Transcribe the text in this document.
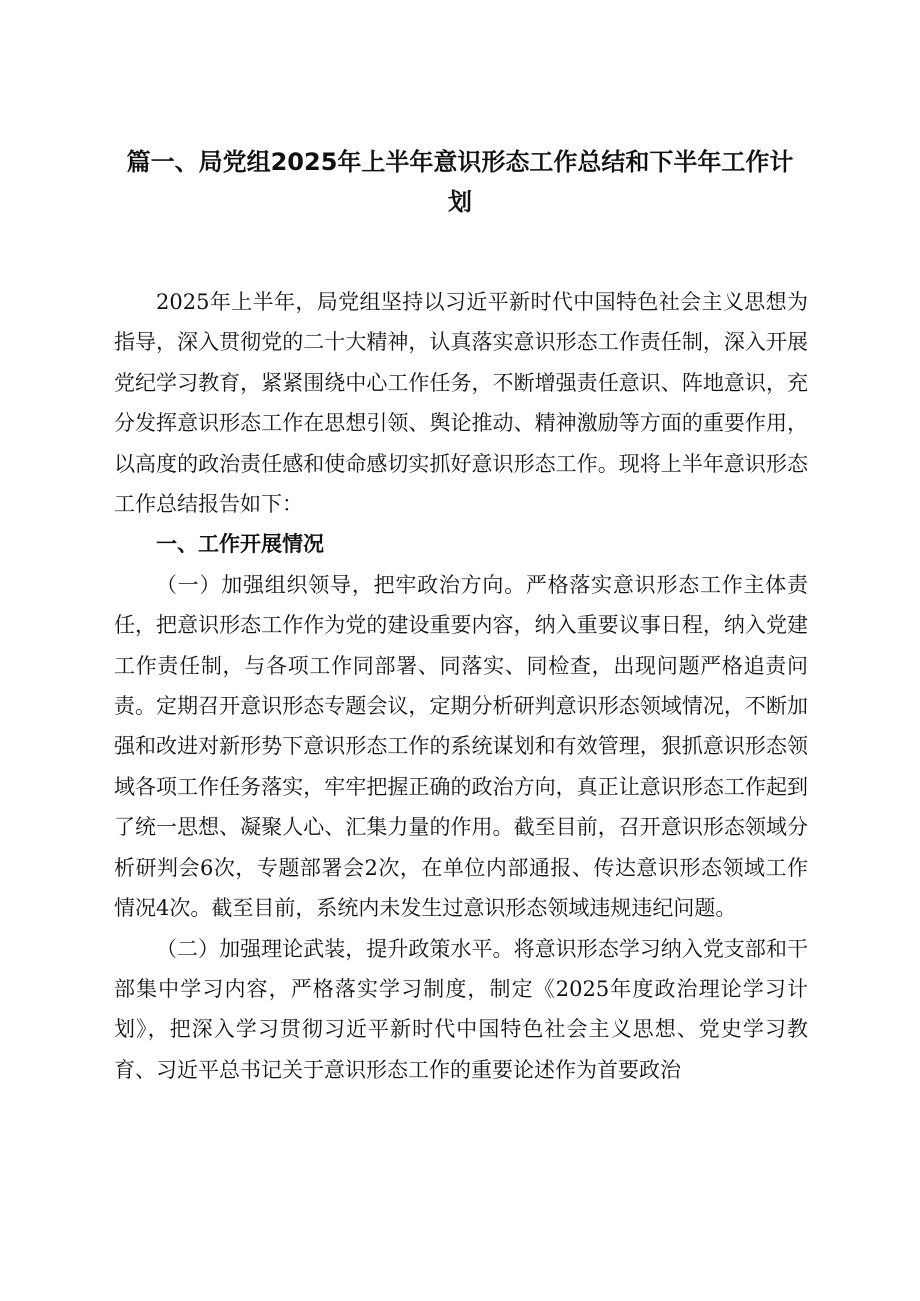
篇一、局党组2025年上半年意识形态工作总结和下半年工作计
划

2025年上半年，局党组坚持以习近平新时代中国特色社会主义思想为指导，深入贯彻党的二十大精神，认真落实意识形态工作责任制，深入开展党纪学习教育，紧紧围绕中心工作任务，不断增强责任意识、阵地意识，充分发挥意识形态工作在思想引领、舆论推动、精神激励等方面的重要作用，以高度的政治责任感和使命感切实抓好意识形态工作。现将上半年意识形态工作总结报告如下：

一、工作开展情况

（一）加强组织领导，把牢政治方向。严格落实意识形态工作主体责任，把意识形态工作作为党的建设重要内容，纳入重要议事日程，纳入党建工作责任制，与各项工作同部署、同落实、同检查，出现问题严格追责问责。定期召开意识形态专题会议，定期分析研判意识形态领域情况，不断加强和改进对新形势下意识形态工作的系统谋划和有效管理，狠抓意识形态领域各项工作任务落实，牢牢把握正确的政治方向，真正让意识形态工作起到了统一思想、凝聚人心、汇集力量的作用。截至目前，召开意识形态领域分析研判会6次，专题部署会2次，在单位内部通报、传达意识形态领域工作情况4次。截至目前，系统内未发生过意识形态领域违规违纪问题。

（二）加强理论武装，提升政策水平。将意识形态学习纳入党支部和干部集中学习内容，严格落实学习制度，制定《2025年度政治理论学习计划》，把深入学习贯彻习近平新时代中国特色社会主义思想、党史学习教育、习近平总书记关于意识形态工作的重要论述作为首要政治
